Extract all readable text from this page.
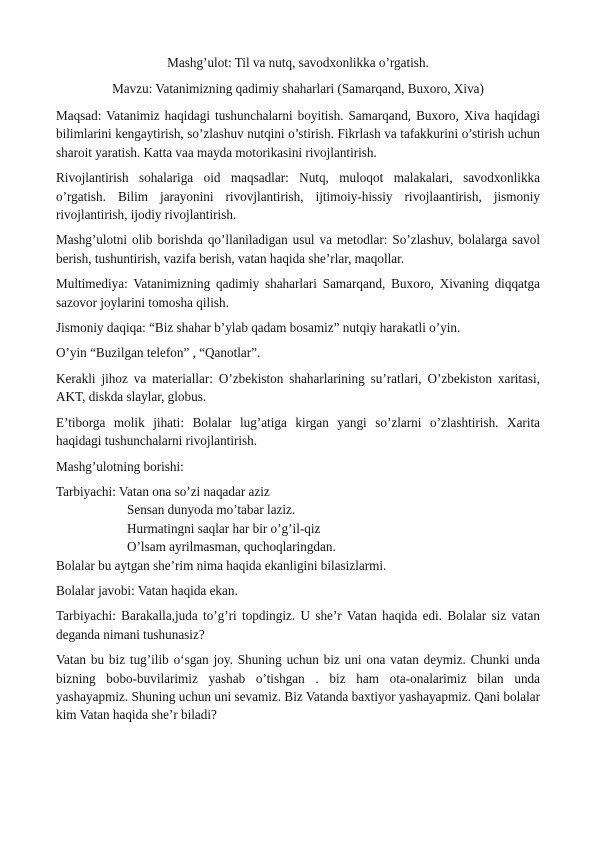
Mashg’ulot: Til va nutq, savodxonlikka o’rgatish.

Mavzu: Vatanimizning qadimiy shaharlari (Samarqand, Buxoro, Xiva)

Maqsad: Vatanimiz haqidagi tushunchalarni boyitish. Samarqand, Buxoro, Xiva haqidagi bilimlarini kengaytirish, so’zlashuv nutqini o’stirish. Fikrlash va tafakkurini o’stirish uchun sharoit yaratish. Katta vaa mayda motorikasini rivojlantirish.

Rivojlantirish sohalariga oid maqsadlar: Nutq, muloqot malakalari, savodxonlikka o’rgatish. Bilim jarayonini rivovjlantirish, ijtimoiy-hissiy rivojlaantirish, jismoniy rivojlantirish, ijodiy rivojlantirish.

Mashg’ulotni olib borishda qo’llaniladigan usul va metodlar: So’zlashuv, bolalarga savol berish, tushuntirish, vazifa berish, vatan haqida she’rlar, maqollar.

Multimediya: Vatanimizning qadimiy shaharlari Samarqand, Buxoro, Xivaning diqqatga sazovor joylarini tomosha qilish.

Jismoniy daqiqa: “Biz shahar b’ylab qadam bosamiz” nutqiy harakatli o’yin.

O’yin “Buzilgan telefon” , “Qanotlar”.

Kerakli jihoz va materiallar: O’zbekiston shaharlarining su’ratlari, O’zbekiston xaritasi, AKT, diskda slaylar, globus.

E’tiborga molik jihati: Bolalar lug’atiga kirgan yangi so’zlarni o’zlashtirish. Xarita haqidagi tushunchalarni rivojlantirish.

Mashg’ulotning borishi:

Tarbiyachi: Vatan ona so’zi naqadar aziz
Sensan dunyoda mo’tabar laziz.
Hurmatingni saqlar har bir o’g’il-qiz
O’lsam ayrilmasman, quchoqlaringdan.

Bolalar bu aytgan she’rim nima haqida ekanligini bilasizlarmi.

Bolalar javobi: Vatan haqida ekan.

Tarbiyachi: Barakalla,juda to’g’ri topdingiz. U she’r Vatan haqida edi. Bolalar siz vatan deganda nimani tushunasiz?

Vatan bu biz tug’ilib o‘sgan joy. Shuning uchun biz uni ona vatan deymiz. Chunki unda bizning bobo-buvilarimiz yashab o’tishgan . biz ham ota-onalarimiz bilan unda yashayapmiz. Shuning uchun uni sevamiz. Biz Vatanda baxtiyor yashayapmiz. Qani bolalar kim Vatan haqida she’r biladi?
